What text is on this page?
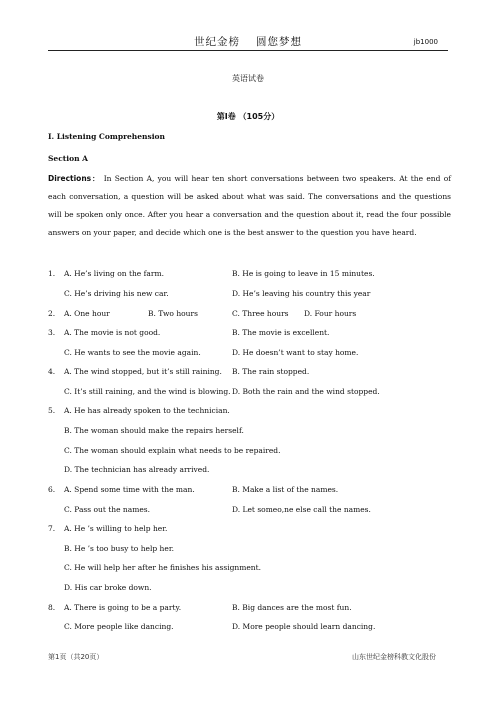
世纪金榜 圆您梦想	jb1000
英语试卷
第I卷 （105分）
I. Listening Comprehension
Section A
Directions： In Section A, you will hear ten short conversations between two speakers. At the end of each conversation, a question will be asked about what was said. The conversations and the questions will be spoken only once. After you hear a conversation and the question about it, read the four possible answers on your paper, and decide which one is the best answer to the question you have heard.
1.	A. He’s living on the farm.	B. He is going to leave in 15 minutes.
C. He’s driving his new car.	D. He’s leaving his country this year
2.	A. One hour	B. Two hours	C. Three hours D. Four hours
3.	A. The movie is not good.	B. The movie is excellent.
C. He wants to see the movie again.	D. He doesn’t want to stay home.
4.	A. The wind stopped, but it’s still raining. B. The rain stopped.
C. It’s still raining, and the wind is blowing. D. Both the rain and the wind stopped.
5.	A. He has already spoken to the technician.
B. The woman should make the repairs herself.
C. The woman should explain what needs to be repaired.
D. The technician has already arrived.
6.	A. Spend some time with the man.	B. Make a list of the names.
C. Pass out the names.	D. Let someo,ne else call the names.
7.	A. He ’s willing to help her.
B. He ’s too busy to help her.
C. He will help her after he finishes his assignment.
D. His car broke down.
8.	A. There is going to be a party.	B. Big dances are the most fun.
C. More people like dancing.	D. More people should learn dancing.
第1页（共20页）	山东世纪金榜科教文化股份
